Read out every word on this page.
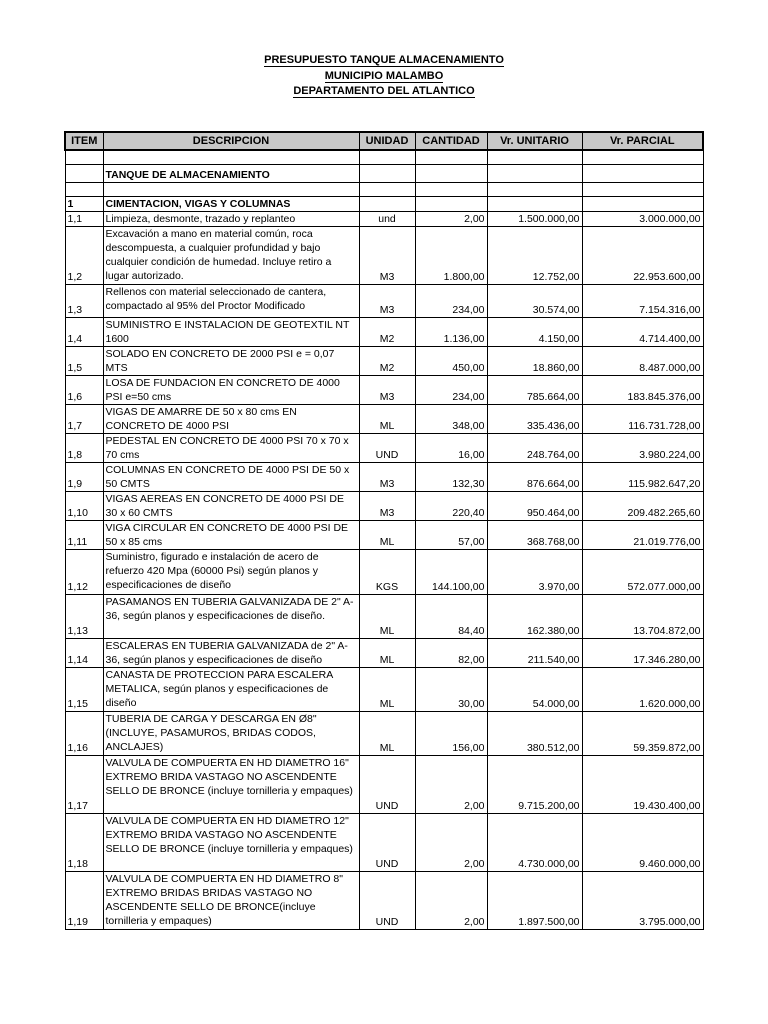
PRESUPUESTO TANQUE ALMACENAMIENTO
MUNICIPIO MALAMBO
DEPARTAMENTO DEL ATLANTICO
ITEM	DESCRIPCION	UNIDAD	CANTIDAD	Vr. UNITARIO	Vr. PARCIAL

	TANQUE DE ALMACENAMIENTO				

1	CIMENTACION, VIGAS Y COLUMNAS				
1,1	Limpieza, desmonte, trazado y replanteo	und	2,00	1.500.000,00	3.000.000,00
1,2	Excavación a mano en material común, roca descompuesta, a cualquier profundidad y bajo cualquier condición de humedad. Incluye retiro a lugar autorizado.	M3	1.800,00	12.752,00	22.953.600,00
1,3	Rellenos con material seleccionado de cantera, compactado al 95% del Proctor Modificado	M3	234,00	30.574,00	7.154.316,00
1,4	SUMINISTRO E INSTALACION DE GEOTEXTIL NT 1600	M2	1.136,00	4.150,00	4.714.400,00
1,5	SOLADO EN CONCRETO DE 2000 PSI e = 0,07 MTS	M2	450,00	18.860,00	8.487.000,00
1,6	LOSA DE FUNDACION EN CONCRETO DE 4000 PSI e=50 cms	M3	234,00	785.664,00	183.845.376,00
1,7	VIGAS DE AMARRE DE 50 x 80 cms EN CONCRETO DE 4000 PSI	ML	348,00	335.436,00	116.731.728,00
1,8	PEDESTAL EN CONCRETO DE 4000 PSI 70 x 70 x 70 cms	UND	16,00	248.764,00	3.980.224,00
1,9	COLUMNAS EN CONCRETO DE 4000 PSI DE 50 x 50 CMTS	M3	132,30	876.664,00	115.982.647,20
1,10	VIGAS AEREAS EN CONCRETO DE 4000 PSI DE 30 x 60 CMTS	M3	220,40	950.464,00	209.482.265,60
1,11	VIGA CIRCULAR EN CONCRETO DE 4000 PSI DE 50 x 85 cms	ML	57,00	368.768,00	21.019.776,00
1,12	Suministro, figurado e instalación de acero de refuerzo 420 Mpa (60000 Psi) según planos y especificaciones de diseño	KGS	144.100,00	3.970,00	572.077.000,00
1,13	PASAMANOS EN TUBERIA GALVANIZADA DE 2" A-36, según planos y especificaciones de diseño.	ML	84,40	162.380,00	13.704.872,00
1,14	ESCALERAS EN TUBERIA GALVANIZADA de 2" A-36, según planos y especificaciones de diseño	ML	82,00	211.540,00	17.346.280,00
1,15	CANASTA DE PROTECCION PARA ESCALERA METALICA, según planos y especificaciones de diseño	ML	30,00	54.000,00	1.620.000,00
1,16	TUBERIA DE CARGA Y DESCARGA EN Ø8" (INCLUYE, PASAMUROS, BRIDAS CODOS, ANCLAJES)	ML	156,00	380.512,00	59.359.872,00
1,17	VALVULA DE COMPUERTA EN HD DIAMETRO 16" EXTREMO BRIDA VASTAGO NO ASCENDENTE SELLO DE BRONCE (incluye tornilleria y empaques)	UND	2,00	9.715.200,00	19.430.400,00
1,18	VALVULA DE COMPUERTA EN HD DIAMETRO 12" EXTREMO BRIDA VASTAGO NO ASCENDENTE SELLO DE BRONCE (incluye tornilleria y empaques)	UND	2,00	4.730.000,00	9.460.000,00
1,19	VALVULA DE COMPUERTA EN HD DIAMETRO 8" EXTREMO BRIDAS BRIDAS VASTAGO NO ASCENDENTE SELLO DE BRONCE(incluye tornilleria y empaques)	UND	2,00	1.897.500,00	3.795.000,00
